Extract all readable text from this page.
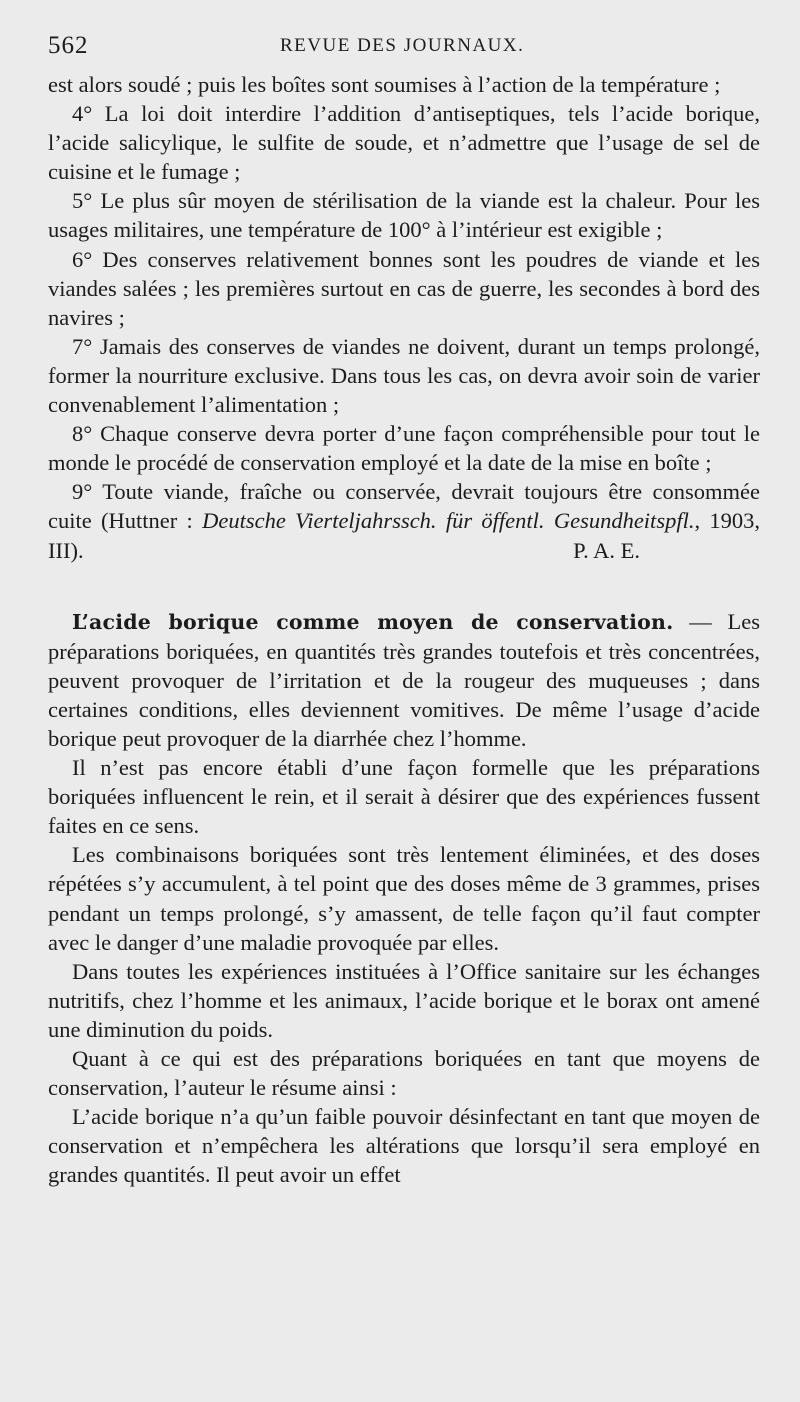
562	REVUE DES JOURNAUX.

est alors soudé ; puis les boîtes sont soumises à l’action de la température ;

4° La loi doit interdire l’addition d’antiseptiques, tels l’acide borique, l’acide salicylique, le sulfite de soude, et n’admettre que l’usage de sel de cuisine et le fumage ;

5° Le plus sûr moyen de stérilisation de la viande est la chaleur. Pour les usages militaires, une température de 100° à l’intérieur est exigible ;

6° Des conserves relativement bonnes sont les poudres de viande et les viandes salées ; les premières surtout en cas de guerre, les secondes à bord des navires ;

7° Jamais des conserves de viandes ne doivent, durant un temps prolongé, former la nourriture exclusive. Dans tous les cas, on devra avoir soin de varier convenablement l’alimentation ;

8° Chaque conserve devra porter d’une façon compréhensible pour tout le monde le procédé de conservation employé et la date de la mise en boîte ;

9° Toute viande, fraîche ou conservée, devrait toujours être consommée cuite (Huttner : Deutsche Vierteljahrssch. für öffentl. Gesundheitspfl., 1903, III).	P. A. E.

L’acide borique comme moyen de conservation. — Les préparations boriquées, en quantités très grandes toutefois et très concentrées, peuvent provoquer de l’irritation et de la rougeur des muqueuses ; dans certaines conditions, elles deviennent vomitives. De même l’usage d’acide borique peut provoquer de la diarrhée chez l’homme.

Il n’est pas encore établi d’une façon formelle que les préparations boriquées influencent le rein, et il serait à désirer que des expériences fussent faites en ce sens.

Les combinaisons boriquées sont très lentement éliminées, et des doses répétées s’y accumulent, à tel point que des doses même de 3 grammes, prises pendant un temps prolongé, s’y amassent, de telle façon qu’il faut compter avec le danger d’une maladie provoquée par elles.

Dans toutes les expériences instituées à l’Office sanitaire sur les échanges nutritifs, chez l’homme et les animaux, l’acide borique et le borax ont amené une diminution du poids.

Quant à ce qui est des préparations boriquées en tant que moyens de conservation, l’auteur le résume ainsi :

L’acide borique n’a qu’un faible pouvoir désinfectant en tant que moyen de conservation et n’empêchera les altérations que lorsqu’il sera employé en grandes quantités. Il peut avoir un effet
